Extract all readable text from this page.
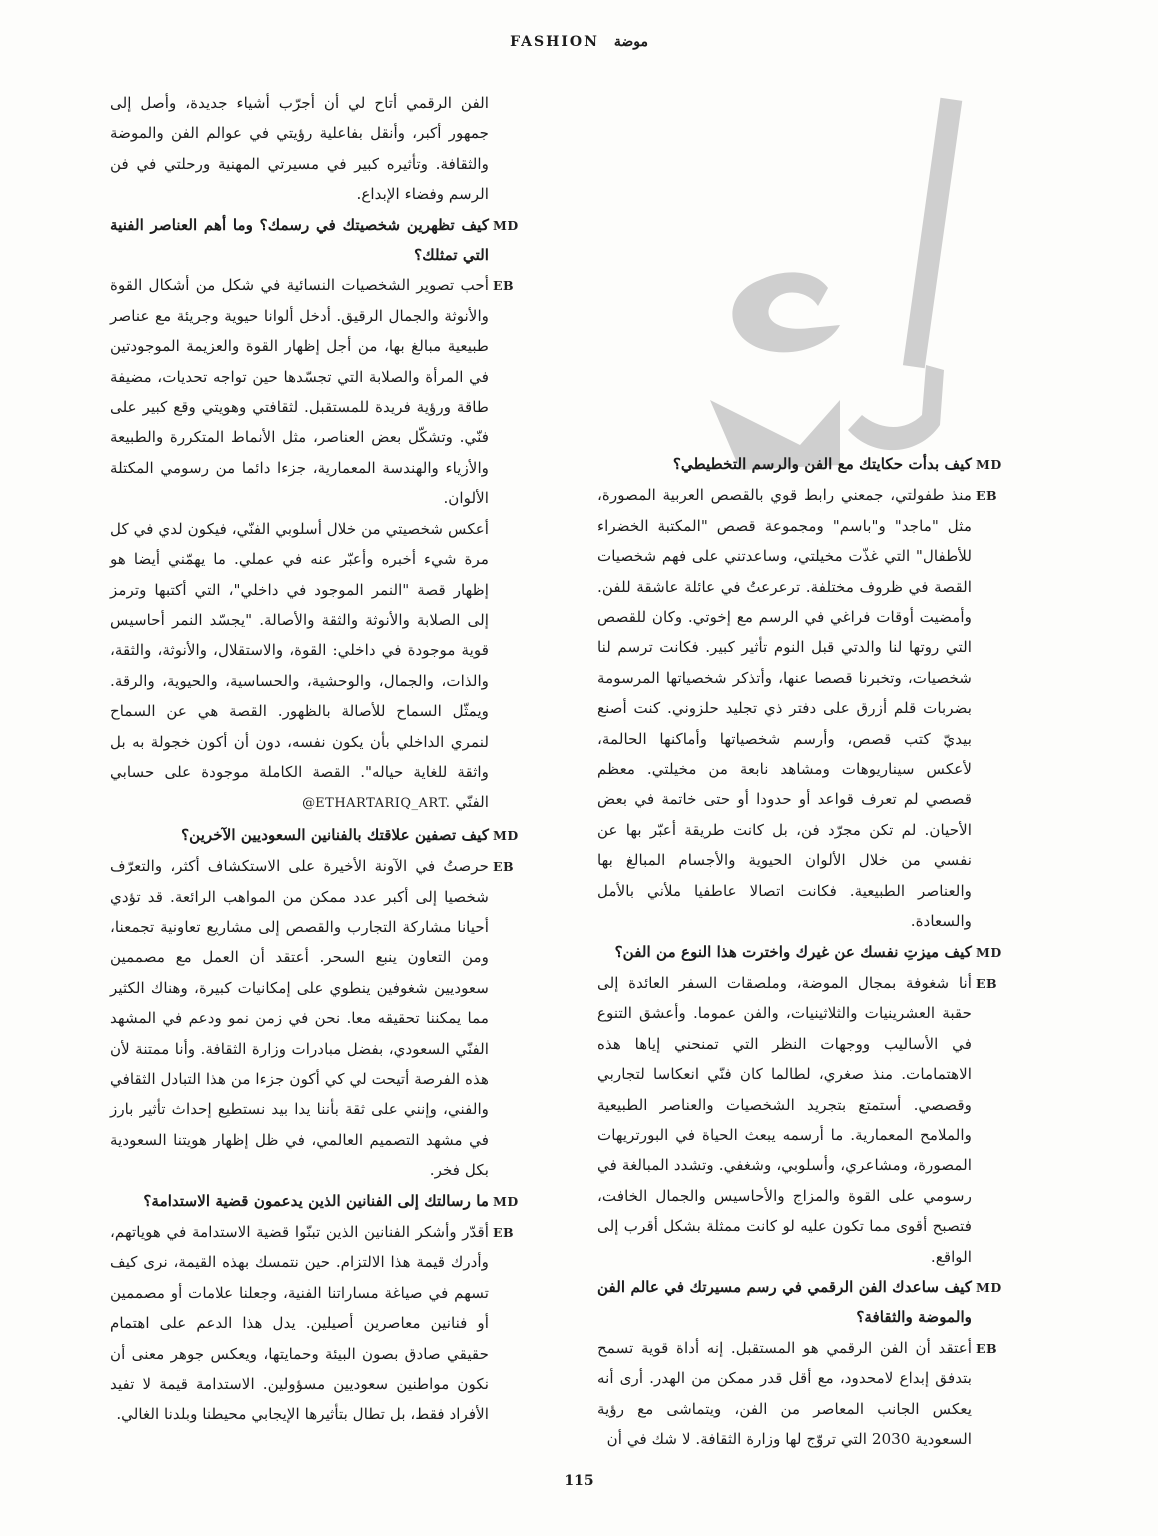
FASHION موضة
الفن الرقمي أتاح لي أن أجرّب أشياء جديدة، وأصل إلى جمهور أكبر، وأنقل بفاعلية رؤيتي في عوالم الفن والموضة والثقافة. وتأثيره كبير في مسيرتي المهنية ورحلتي في فن الرسم وفضاء الإبداع.
MD
كيف تظهرين شخصيتك في رسمك؟ وما أهم العناصر الفنية التي تمثلك؟
EB
أحب تصوير الشخصيات النسائية في شكل من أشكال القوة والأنوثة والجمال الرقيق. أدخل ألوانا حيوية وجريئة مع عناصر طبيعية مبالغ بها، من أجل إظهار القوة والعزيمة الموجودتين في المرأة والصلابة التي تجسّدها حين تواجه تحديات، مضيفة طاقة ورؤية فريدة للمستقبل. لثقافتي وهويتي وقع كبير على فنّي. وتشكّل بعض العناصر، مثل الأنماط المتكررة والطبيعة والأزياء والهندسة المعمارية، جزءا دائما من رسومي المكتلة الألوان.
أعكس شخصيتي من خلال أسلوبي الفنّي، فيكون لدي في كل مرة شيء أخبره وأعبّر عنه في عملي. ما يهمّني أيضا هو إظهار قصة "النمر الموجود في داخلي"، التي أكتبها وترمز إلى الصلابة والأنوثة والثقة والأصالة. "يجسّد النمر أحاسيس قوية موجودة في داخلي: القوة، والاستقلال، والأنوثة، والثقة، والذات، والجمال، والوحشية، والحساسية، والحيوية، والرقة. ويمثّل السماح للأصالة بالظهور. القصة هي عن السماح لنمري الداخلي بأن يكون نفسه، دون أن أكون خجولة به بل واثقة للغاية حياله". القصة الكاملة موجودة على حسابي الفنّي @ETHARTARIQ_ART.
MD
كيف تصفين علاقتك بالفنانين السعوديين الآخرين؟
EB
حرصتُ في الآونة الأخيرة على الاستكشاف أكثر، والتعرّف شخصيا إلى أكبر عدد ممكن من المواهب الرائعة. قد تؤدي أحيانا مشاركة التجارب والقصص إلى مشاريع تعاونية تجمعنا، ومن التعاون ينبع السحر. أعتقد أن العمل مع مصممين سعوديين شغوفين ينطوي على إمكانيات كبيرة، وهناك الكثير مما يمكننا تحقيقه معا. نحن في زمن نمو ودعم في المشهد الفنّي السعودي، بفضل مبادرات وزارة الثقافة. وأنا ممتنة لأن هذه الفرصة أتيحت لي كي أكون جزءا من هذا التبادل الثقافي والفني، وإنني على ثقة بأننا يدا بيد نستطيع إحداث تأثير بارز في مشهد التصميم العالمي، في ظل إظهار هويتنا السعودية بكل فخر.
MD
ما رسالتك إلى الفنانين الذين يدعمون قضية الاستدامة؟
EB
أقدّر وأشكر الفنانين الذين تبنّوا قضية الاستدامة في هوياتهم، وأدرك قيمة هذا الالتزام. حين نتمسك بهذه القيمة، نرى كيف تسهم في صياغة مساراتنا الفنية، وجعلنا علامات أو مصممين أو فنانين معاصرين أصيلين. يدل هذا الدعم على اهتمام حقيقي صادق بصون البيئة وحمايتها، ويعكس جوهر معنى أن نكون مواطنين سعوديين مسؤولين. الاستدامة قيمة لا تفيد الأفراد فقط، بل تطال بتأثيرها الإيجابي محيطنا وبلدنا الغالي.
MD
كيف بدأت حكايتك مع الفن والرسم التخطيطي؟
EB
منذ طفولتي، جمعني رابط قوي بالقصص العربية المصورة، مثل "ماجد" و"باسم" ومجموعة قصص "المكتبة الخضراء للأطفال" التي غذّت مخيلتي، وساعدتني على فهم شخصيات القصة في ظروف مختلفة. ترعرعتُ في عائلة عاشقة للفن. وأمضيت أوقات فراغي في الرسم مع إخوتي. وكان للقصص التي روتها لنا والدتي قبل النوم تأثير كبير. فكانت ترسم لنا شخصيات، وتخبرنا قصصا عنها، وأتذكر شخصياتها المرسومة بضربات قلم أزرق على دفتر ذي تجليد حلزوني. كنت أصنع بيديّ كتب قصص، وأرسم شخصياتها وأماكنها الحالمة، لأعكس سيناريوهات ومشاهد نابعة من مخيلتي. معظم قصصي لم تعرف قواعد أو حدودا أو حتى خاتمة في بعض الأحيان. لم تكن مجرّد فن، بل كانت طريقة أعبّر بها عن نفسي من خلال الألوان الحيوية والأجسام المبالغ بها والعناصر الطبيعية. فكانت اتصالا عاطفيا ملأني بالأمل والسعادة.
MD
كيف ميزتِ نفسك عن غيرك واخترت هذا النوع من الفن؟
EB
أنا شغوفة بمجال الموضة، وملصقات السفر العائدة إلى حقبة العشرينيات والثلاثينيات، والفن عموما. وأعشق التنوع في الأساليب ووجهات النظر التي تمنحني إياها هذه الاهتمامات. منذ صغري، لطالما كان فنّي انعكاسا لتجاربي وقصصي. أستمتع بتجريد الشخصيات والعناصر الطبيعية والملامح المعمارية. ما أرسمه يبعث الحياة في البورتريهات المصورة، ومشاعري، وأسلوبي، وشغفي. وتشدد المبالغة في رسومي على القوة والمزاج والأحاسيس والجمال الخافت، فتصبح أقوى مما تكون عليه لو كانت ممثلة بشكل أقرب إلى الواقع.
MD
كيف ساعدك الفن الرقمي في رسم مسيرتك في عالم الفن والموضة والثقافة؟
EB
أعتقد أن الفن الرقمي هو المستقبل. إنه أداة قوية تسمح بتدفق إبداع لامحدود، مع أقل قدر ممكن من الهدر. أرى أنه يعكس الجانب المعاصر من الفن، ويتماشى مع رؤية السعودية 2030 التي تروّج لها وزارة الثقافة. لا شك في أن
115
